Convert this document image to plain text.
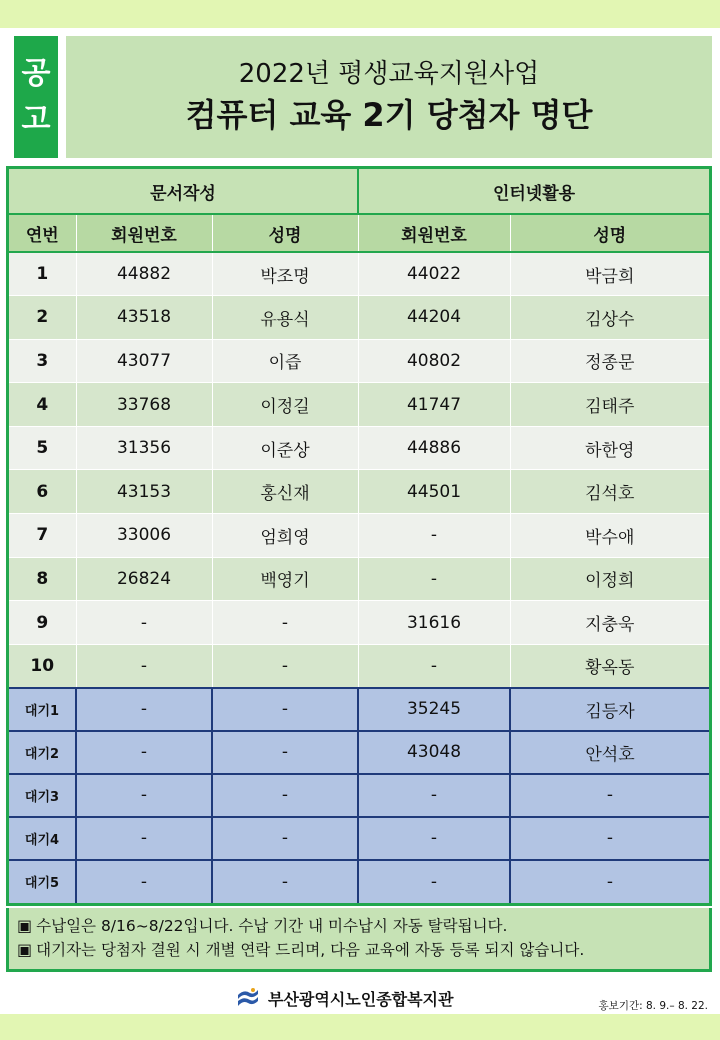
공
고
2022년 평생교육지원사업
컴퓨터 교육 2기 당첨자 명단
문서작성			인터넷활용	
연번	회원번호	성명	회원번호	성명
1	44882	박조명	44022	박금희
2	43518	유용식	44204	김상수
3	43077	이즙	40802	정종문
4	33768	이정길	41747	김태주
5	31356	이준상	44886	하한영
6	43153	홍신재	44501	김석호
7	33006	엄희영	-	박수애
8	26824	백영기	-	이정희
9	-	-	31616	지충욱
10	-	-	-	황옥동
대기1	-	-	35245	김등자
대기2	-	-	43048	안석호
대기3	-	-	-	-
대기4	-	-	-	-
대기5	-	-	-	-
▣ 수납일은 8/16~8/22입니다. 수납 기간 내 미수납시 자동 탈락됩니다.
▣ 대기자는 당첨자 결원 시 개별 연락 드리며, 다음 교육에 자동 등록 되지 않습니다.
부산광역시노인종합복지관	홍보기간: 8. 9.– 8. 22.
